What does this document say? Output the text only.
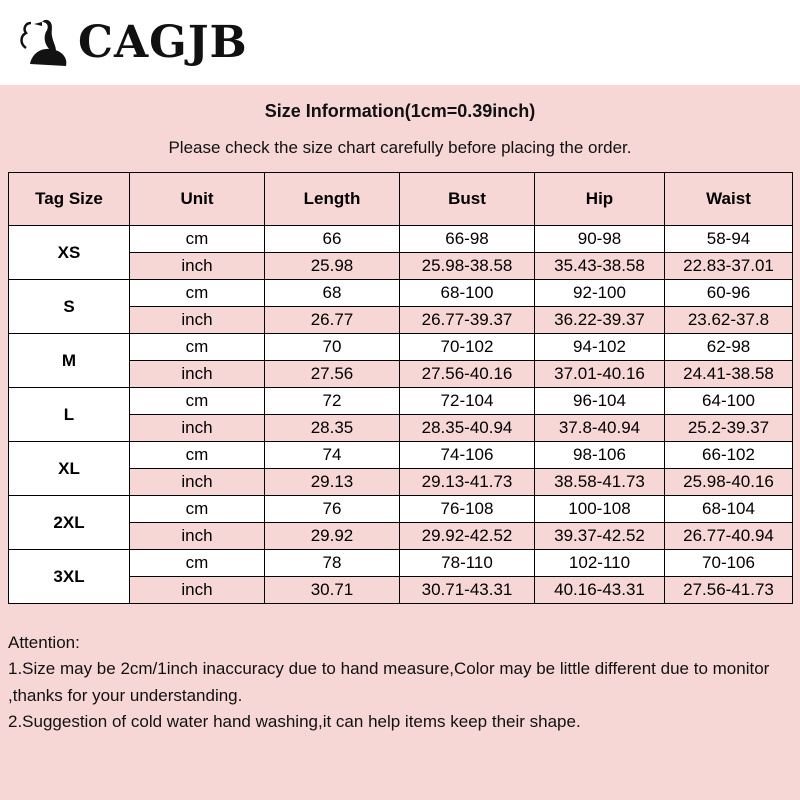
CAGJB
Size Information(1cm=0.39inch)
Please check the size chart carefully before placing the order.
Tag Size	Unit	Length	Bust	Hip	Waist
XS	cm	66	66-98	90-98	58-94
	inch	25.98	25.98-38.58	35.43-38.58	22.83-37.01
S	cm	68	68-100	92-100	60-96
	inch	26.77	26.77-39.37	36.22-39.37	23.62-37.8
M	cm	70	70-102	94-102	62-98
	inch	27.56	27.56-40.16	37.01-40.16	24.41-38.58
L	cm	72	72-104	96-104	64-100
	inch	28.35	28.35-40.94	37.8-40.94	25.2-39.37
XL	cm	74	74-106	98-106	66-102
	inch	29.13	29.13-41.73	38.58-41.73	25.98-40.16
2XL	cm	76	76-108	100-108	68-104
	inch	29.92	29.92-42.52	39.37-42.52	26.77-40.94
3XL	cm	78	78-110	102-110	70-106
	inch	30.71	30.71-43.31	40.16-43.31	27.56-41.73
Attention:
1.Size may be 2cm/1inch inaccuracy due to hand measure,Color may be little different due to monitor ,thanks for your understanding.
2.Suggestion of cold water hand washing,it can help items keep their shape.
